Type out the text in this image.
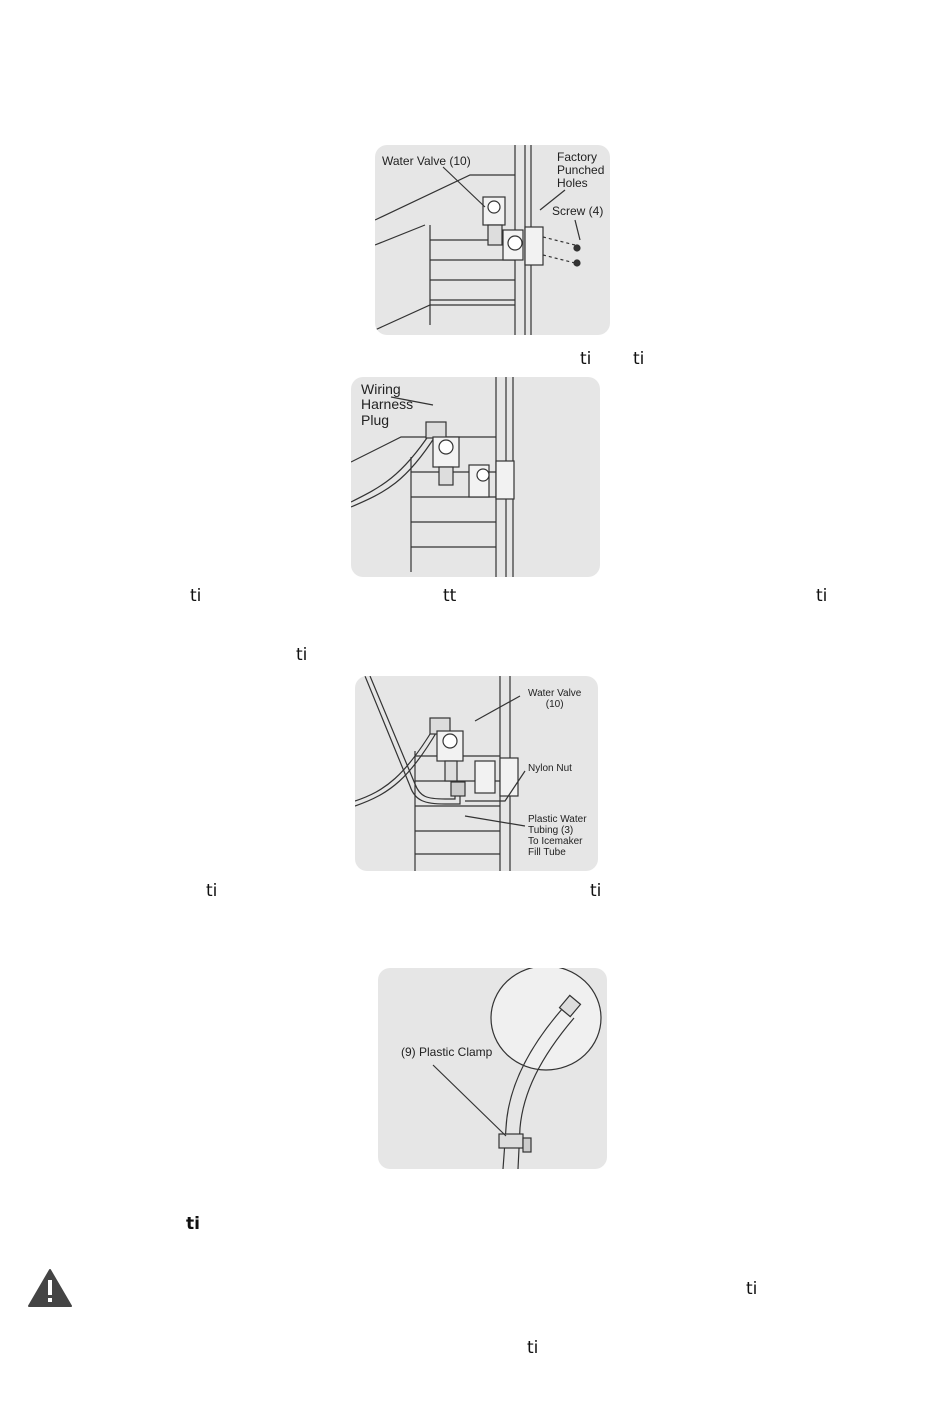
Water Valve (10)	Factory
Punched
Holes
Screw (4)
ti ti
Wiring
Harness
Plug
ti	tt	ti
ti
Water Valve
(10)
Nylon Nut
Plastic Water
Tubing (3)
To Icemaker
Fill Tube
ti	ti
(9) Plastic Clamp
ti
ti
ti
